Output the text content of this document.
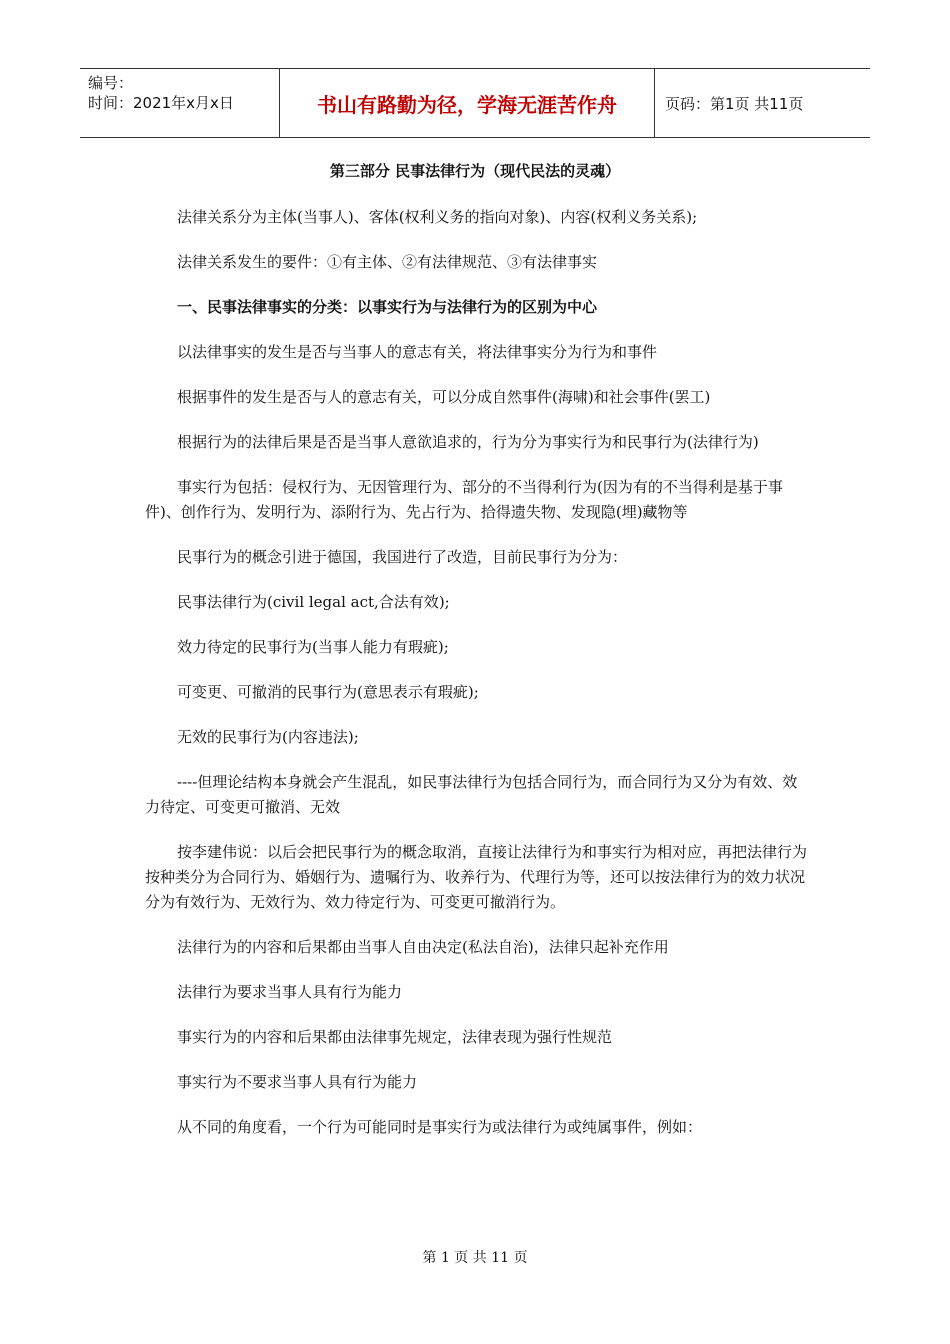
编号：
时间：2021年x月x日	书山有路勤为径，学海无涯苦作舟	页码：第1页 共11页
第三部分 民事法律行为（现代民法的灵魂）

法律关系分为主体(当事人)、客体(权利义务的指向对象)、内容(权利义务关系);

法律关系发生的要件：①有主体、②有法律规范、③有法律事实

一、民事法律事实的分类：以事实行为与法律行为的区别为中心

以法律事实的发生是否与当事人的意志有关，将法律事实分为行为和事件

根据事件的发生是否与人的意志有关，可以分成自然事件(海啸)和社会事件(罢工)

根据行为的法律后果是否是当事人意欲追求的，行为分为事实行为和民事行为(法律行为)

事实行为包括：侵权行为、无因管理行为、部分的不当得利行为(因为有的不当得利是基于事件)、创作行为、发明行为、添附行为、先占行为、拾得遗失物、发现隐(埋)藏物等

民事行为的概念引进于德国，我国进行了改造，目前民事行为分为：

民事法律行为(civil legal act,合法有效);

效力待定的民事行为(当事人能力有瑕疵);

可变更、可撤消的民事行为(意思表示有瑕疵);

无效的民事行为(内容违法);

----但理论结构本身就会产生混乱，如民事法律行为包括合同行为，而合同行为又分为有效、效力待定、可变更可撤消、无效

按李建伟说：以后会把民事行为的概念取消，直接让法律行为和事实行为相对应，再把法律行为按种类分为合同行为、婚姻行为、遗嘱行为、收养行为、代理行为等，还可以按法律行为的效力状况分为有效行为、无效行为、效力待定行为、可变更可撤消行为。

法律行为的内容和后果都由当事人自由决定(私法自治)，法律只起补充作用

法律行为要求当事人具有行为能力

事实行为的内容和后果都由法律事先规定，法律表现为强行性规范

事实行为不要求当事人具有行为能力

从不同的角度看，一个行为可能同时是事实行为或法律行为或纯属事件，例如：

第 1 页 共 11 页
